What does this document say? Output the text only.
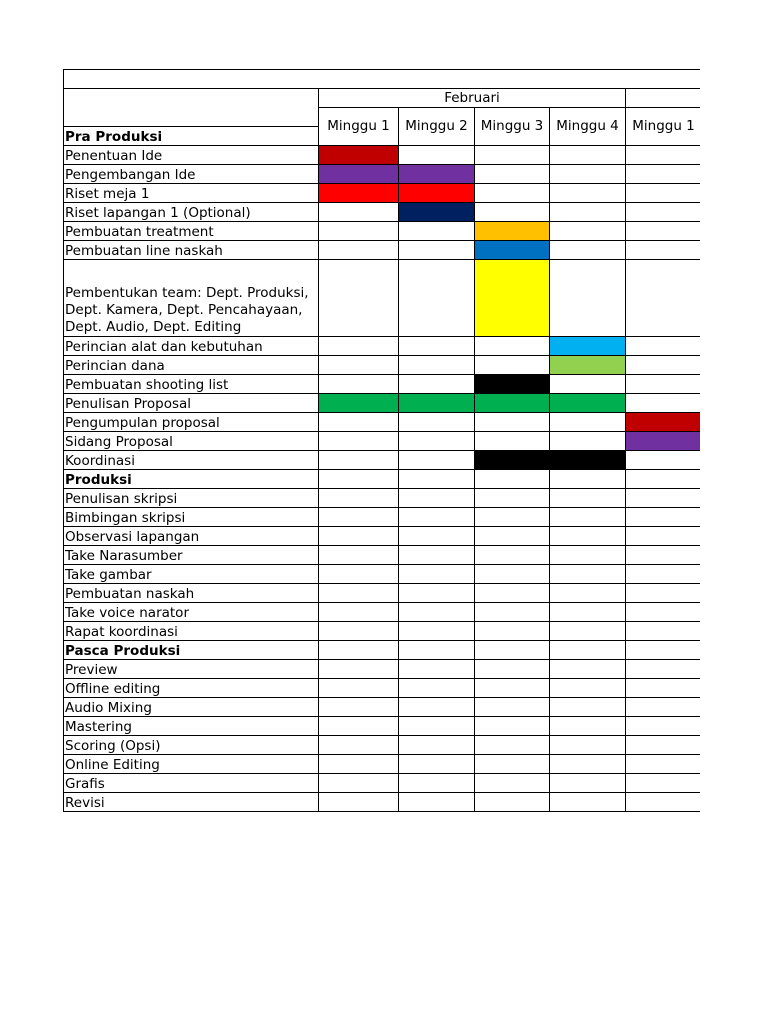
	Februari				
	Minggu 1	Minggu 2	Minggu 3	Minggu 4	Minggu 1
Pra Produksi					
Penentuan Ide					
Pengembangan Ide					
Riset meja 1					
Riset lapangan 1 (Optional)					
Pembuatan treatment					
Pembuatan line naskah					
Pembentukan team: Dept. Produksi, Dept. Kamera, Dept. Pencahayaan, Dept. Audio, Dept. Editing					
Perincian alat dan kebutuhan					
Perincian dana					
Pembuatan shooting list					
Penulisan Proposal					
Pengumpulan proposal					
Sidang Proposal					
Koordinasi					
Produksi					
Penulisan skripsi					
Bimbingan skripsi					
Observasi lapangan					
Take Narasumber					
Take gambar					
Pembuatan naskah					
Take voice narator					
Rapat koordinasi					
Pasca Produksi					
Preview					
Offline editing					
Audio Mixing					
Mastering					
Scoring (Opsi)					
Online Editing					
Grafis					
Revisi					
